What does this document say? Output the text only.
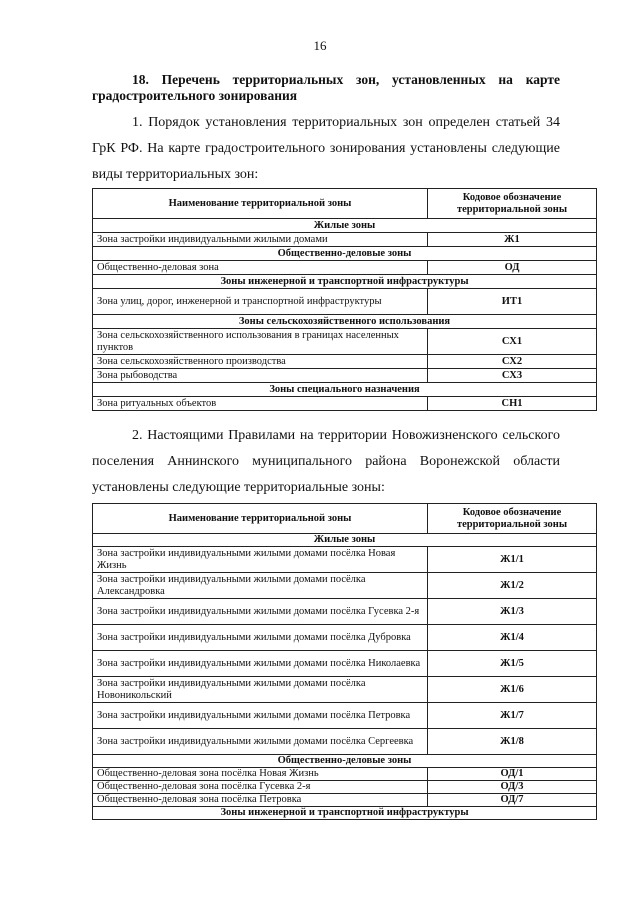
16
18. Перечень территориальных зон, установленных на карте
градостроительного зонирования
1. Порядок установления территориальных зон определен статьей 34
ГрК РФ. На карте градостроительного зонирования установлены следующие
виды территориальных зон:
Наименование территориальной зоны	Кодовое обозначение территориальной зоны
Жилые зоны	
Зона застройки индивидуальными жилыми домами	Ж1
Общественно-деловые зоны	
Общественно-деловая зона	ОД
Зоны инженерной и транспортной инфраструктуры	
Зона улиц, дорог, инженерной и транспортной инфраструктуры	ИТ1
Зоны сельскохозяйственного использования	
Зона сельскохозяйственного использования в границах населенных пунктов	СХ1
Зона сельскохозяйственного производства	СХ2
Зона рыбоводства	СХ3
Зоны специального назначения	
Зона ритуальных объектов	СН1
2. Настоящими Правилами на территории Новожизненского сельского
поселения Аннинского муниципального района Воронежской области
установлены следующие территориальные зоны:
Наименование территориальной зоны	Кодовое обозначение территориальной зоны
Жилые зоны	
Зона застройки индивидуальными жилыми домами посёлка Новая Жизнь	Ж1/1
Зона застройки индивидуальными жилыми домами посёлка Александровка	Ж1/2
Зона застройки индивидуальными жилыми домами посёлка Гусевка 2-я	Ж1/3
Зона застройки индивидуальными жилыми домами посёлка Дубровка	Ж1/4
Зона застройки индивидуальными жилыми домами посёлка Николаевка	Ж1/5
Зона застройки индивидуальными жилыми домами посёлка Новоникольский	Ж1/6
Зона застройки индивидуальными жилыми домами посёлка Петровка	Ж1/7
Зона застройки индивидуальными жилыми домами посёлка Сергеевка	Ж1/8
Общественно-деловые зоны	
Общественно-деловая зона посёлка Новая Жизнь	ОД/1
Общественно-деловая зона посёлка Гусевка 2-я	ОД/3
Общественно-деловая зона посёлка Петровка	ОД/7
Зоны инженерной и транспортной инфраструктуры	
